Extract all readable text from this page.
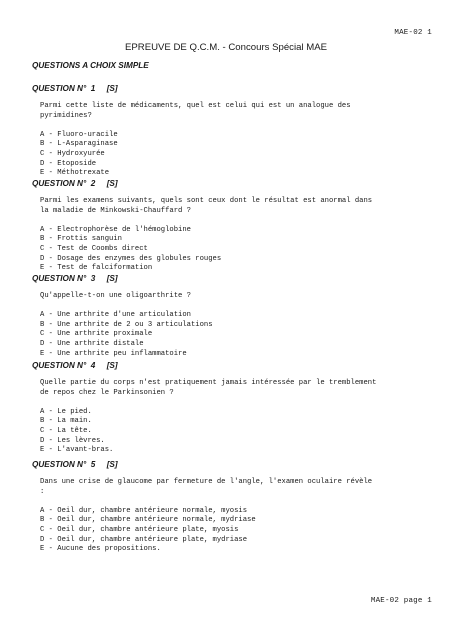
MAE-02 1
EPREUVE DE Q.C.M. - Concours Spécial MAE
QUESTIONS A CHOIX SIMPLE
QUESTION N°  1     [S]
Parmi cette liste de médicaments, quel est celui qui est un analogue des
pyrimidines?
A - Fluoro-uracile
B - L-Asparaginase
C - Hydroxyurée
D - Etoposide
E - Méthotrexate
QUESTION N°  2     [S]
Parmi les examens suivants, quels sont ceux dont le résultat est anormal dans
la maladie de Minkowski-Chauffard ?
A - Electrophorèse de l'hémoglobine
B - Frottis sanguin
C - Test de Coombs direct
D - Dosage des enzymes des globules rouges
E - Test de falciformation
QUESTION N°  3     [S]
Qu'appelle-t-on une oligoarthrite ?
A - Une arthrite d'une articulation
B - Une arthrite de 2 ou 3 articulations
C - Une arthrite proximale
D - Une arthrite distale
E - Une arthrite peu inflammatoire
QUESTION N°  4     [S]
Quelle partie du corps n'est pratiquement jamais intéressée par le tremblement
de repos chez le Parkinsonien ?
A - Le pied.
B - La main.
C - La tête.
D - Les lèvres.
E - L'avant-bras.
QUESTION N°  5     [S]
Dans une crise de glaucome par fermeture de l'angle, l'examen oculaire révèle
:
A - Oeil dur, chambre antérieure normale, myosis
B - Oeil dur, chambre antérieure normale, mydriase
C - Oeil dur, chambre antérieure plate, myosis
D - Oeil dur, chambre antérieure plate, mydriase
E - Aucune des propositions.
MAE-02 page 1
